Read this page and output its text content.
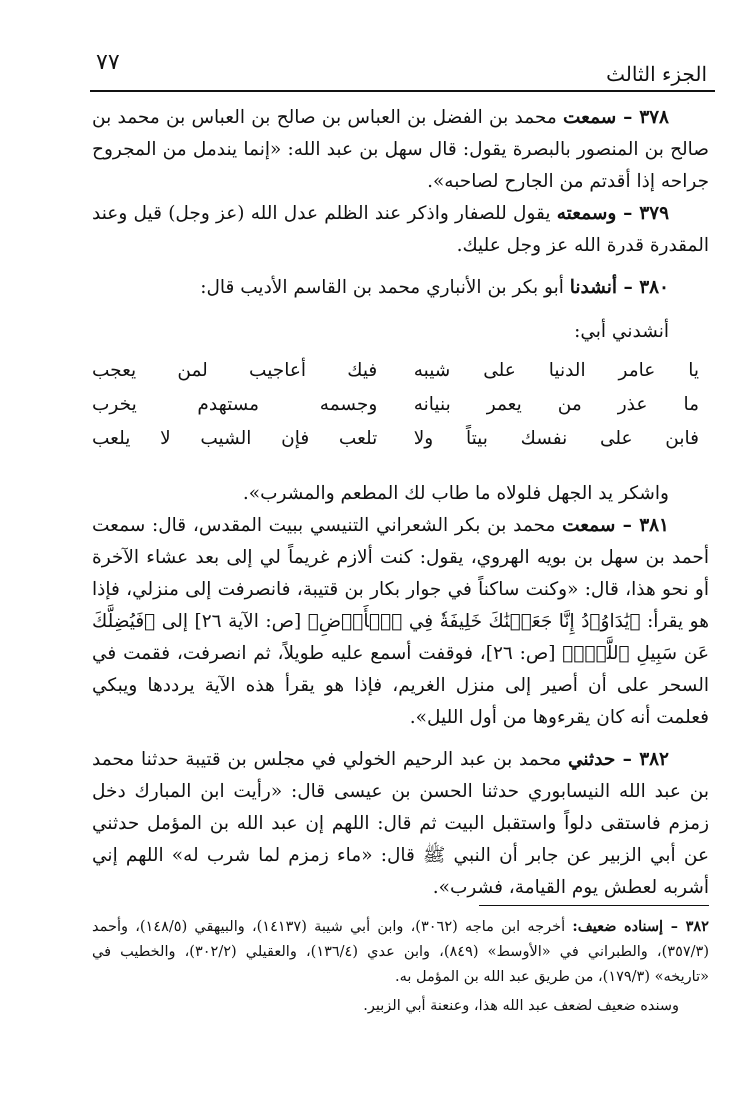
٧٧	الجزء الثالث

٣٧٨ – سمعت محمد بن الفضل بن العباس بن صالح بن العباس بن محمد بن صالح بن المنصور بالبصرة يقول: قال سهل بن عبد الله: «إنما يندمل من المجروح جراحه إذا أقدتم من الجارح لصاحبه».

٣٧٩ – وسمعته يقول للصفار واذكر عند الظلم عدل الله (عز وجل) قيل وعند المقدرة قدرة الله عز وجل عليك.

٣٨٠ – أنشدنا أبو بكر بن الأنباري محمد بن القاسم الأديب قال:

أنشدني أبي:

يا عامر الدنيا على شيبه
فيك أعاجيب لمن يعجب
ما عذر من يعمر بنيانه
وجسمه مستهدم يخرب
فابن على نفسك بيتاً ولا
تلعب فإن الشيب لا يلعب

واشكر يد الجهل فلولاه ما طاب لك المطعم والمشرب».

٣٨١ – سمعت محمد بن بكر الشعراني التنيسي ببيت المقدس، قال: سمعت أحمد بن سهل بن بويه الهروي، يقول: كنت ألازم غريماً لي إلى بعد عشاء الآخرة أو نحو هذا، قال: «وكنت ساكناً في جوار بكار بن قتيبة، فانصرفت إلى منزلي، فإذا هو يقرأ: ﴿يَٰدَاوُۥدُ إِنَّا جَعَلۡنَٰكَ خَلِيفَةٗ فِي ٱلۡأَرۡضِ﴾ [ص: الآية ٢٦] إلى ﴿فَيُضِلَّكَ عَن سَبِيلِ ٱللَّهِۚ﴾ [ص: ٢٦]، فوقفت أسمع عليه طويلاً، ثم انصرفت، فقمت في السحر على أن أصير إلى منزل الغريم، فإذا هو يقرأ هذه الآية يرددها ويبكي فعلمت أنه كان يقرءوها من أول الليل».

٣٨٢ – حدثني محمد بن عبد الرحيم الخولي في مجلس بن قتيبة حدثنا محمد بن عبد الله النيسابوري حدثنا الحسن بن عيسى قال: «رأيت ابن المبارك دخل زمزم فاستقى دلواً واستقبل البيت ثم قال: اللهم إن عبد الله بن المؤمل حدثني عن أبي الزبير عن جابر أن النبي ﷺ قال: «ماء زمزم لما شرب له» اللهم إني أشربه لعطش يوم القيامة، فشرب».

٣٨٢ – إسناده ضعيف: أخرجه ابن ماجه (٣٠٦٢)، وابن أبي شيبة (١٤١٣٧)، والبيهقي (١٤٨/٥)، وأحمد (٣٥٧/٣)، والطبراني في «الأوسط» (٨٤٩)، وابن عدي (١٣٦/٤)، والعقيلي (٣٠٢/٢)، والخطيب في «تاريخه» (١٧٩/٣)، من طريق عبد الله بن المؤمل به.

وسنده ضعيف لضعف عبد الله هذا، وعنعنة أبي الزبير.
